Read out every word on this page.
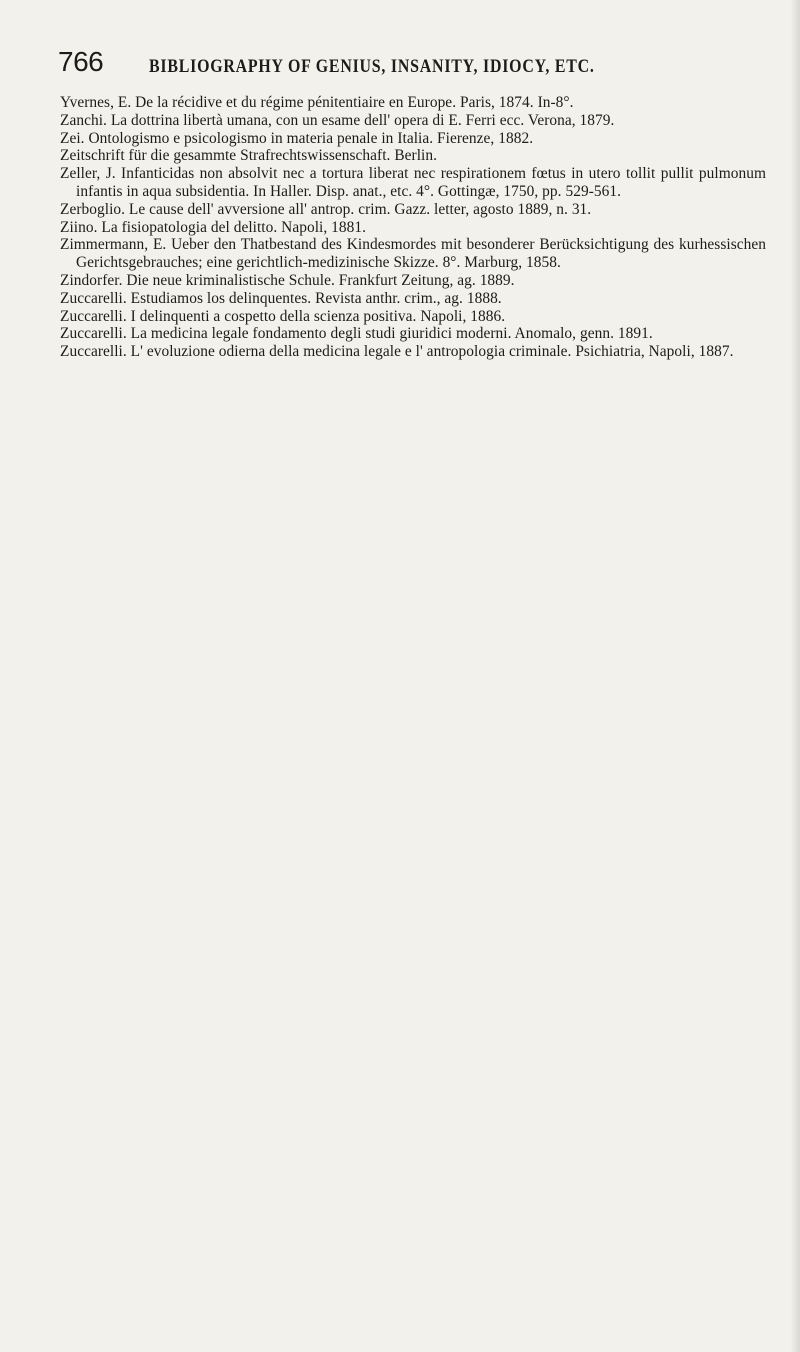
766 BIBLIOGRAPHY OF GENIUS, INSANITY, IDIOCY, ETC.
Yvernes, E. De la récidive et du régime pénitentiaire en Europe. Paris, 1874. In-8°.
Zanchi. La dottrina libertà umana, con un esame dell' opera di E. Ferri ecc. Verona, 1879.
Zei. Ontologismo e psicologismo in materia penale in Italia. Fierenze, 1882.
Zeitschrift für die gesammte Strafrechtswissenschaft. Berlin.
Zeller, J. Infanticidas non absolvit nec a tortura liberat nec respirationem fœtus in utero tollit pullit pulmonum infantis in aqua subsidentia. In Haller. Disp. anat., etc. 4°. Gottingæ, 1750, pp. 529-561.
Zerboglio. Le cause dell' avversione all' antrop. crim. Gazz. letter, agosto 1889, n. 31.
Ziino. La fisiopatologia del delitto. Napoli, 1881.
Zimmermann, E. Ueber den Thatbestand des Kindesmordes mit besonderer Berücksichtigung des kurhessischen Gerichtsgebrauches; eine gerichtlich-medizinische Skizze. 8°. Marburg, 1858.
Zindorfer. Die neue kriminalistische Schule. Frankfurt Zeitung, ag. 1889.
Zuccarelli. Estudiamos los delinquentes. Revista anthr. crim., ag. 1888.
Zuccarelli. I delinquenti a cospetto della scienza positiva. Napoli, 1886.
Zuccarelli. La medicina legale fondamento degli studi giuridici moderni. Anomalo, genn. 1891.
Zuccarelli. L' evoluzione odierna della medicina legale e l' antropologia criminale. Psichiatria, Napoli, 1887.
